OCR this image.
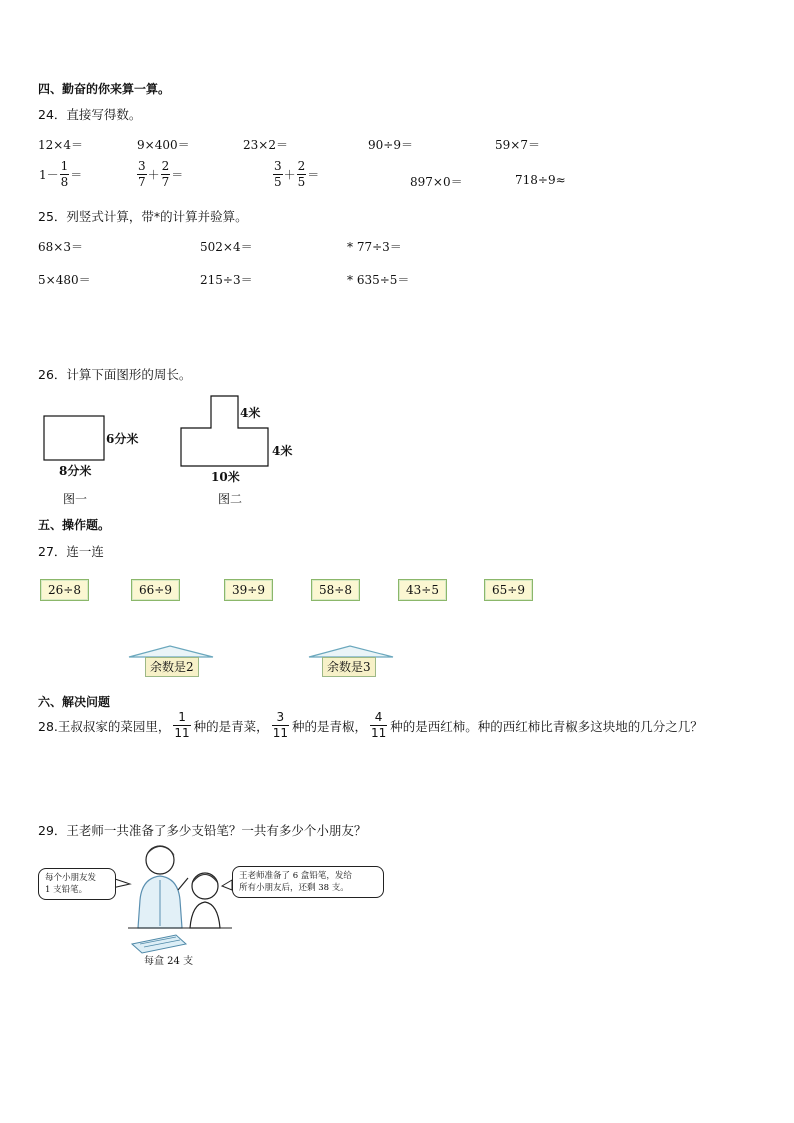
四、勤奋的你来算一算。
24．直接写得数。
12×4＝	9×400＝	23×2＝	90÷9＝	59×7＝
$1- \frac{1}{8}$ ＝	$\frac{3}{7} + \frac{2}{7}$ ＝	$\frac{3}{5} + \frac{2}{5}$ ＝	897×0＝	718÷9≈
25．列竖式计算，带*的计算并验算。
68×3＝	502×4＝	* 77÷3＝
5×480＝	215÷3＝	* 635÷5＝
26．计算下面图形的周长。
6分米
8分米
图一
4米
4米
10米
图二
五、操作题。
27．连一连
26÷8	66÷9	39÷9	58÷8	43÷5	65÷9
余数是2	余数是3
六、解决问题
28.王叔叔家的菜园里， $\frac{1}{11}$ 种的是青菜， $\frac{3}{11}$ 种的是青椒， $\frac{4}{11}$ 种的是西红柿。种的西红柿比青椒多这块地的几分之几？
29．王老师一共准备了多少支铅笔？一共有多少个小朋友？
每个小朋友发
1 支铅笔。
王老师准备了 6 盒铅笔，发给
所有小朋友后，还剩 38 支。
每盒 24 支
